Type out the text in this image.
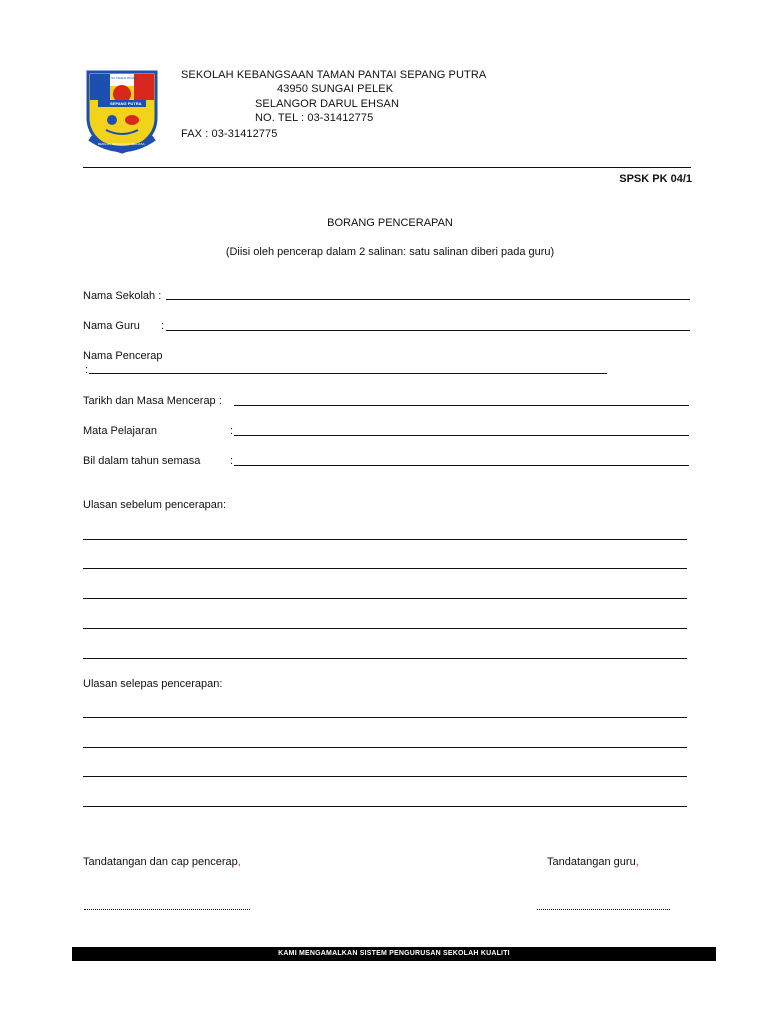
SK TAMAN PANTAI
SEPANG PUTRA
BERILMU BERAKHLAK BERJASA
SEKOLAH KEBANGSAAN TAMAN PANTAI SEPANG PUTRA
43950 SUNGAI PELEK
SELANGOR DARUL EHSAN
NO. TEL : 03-31412775
FAX : 03-31412775
SPSK PK 04/1
BORANG PENCERAPAN
(Diisi oleh pencerap dalam 2 salinan: satu salinan diberi pada guru)
Nama Sekolah :
Nama Guru :
Nama Pencerap
:
Tarikh dan Masa Mencerap :
Mata Pelajaran	:
Bil dalam tahun semasa	:
Ulasan sebelum pencerapan:
Ulasan selepas pencerapan:
Tandatangan dan cap pencerap,	Tandatangan guru,
KAMI MENGAMALKAN SISTEM PENGURUSAN SEKOLAH KUALITI
